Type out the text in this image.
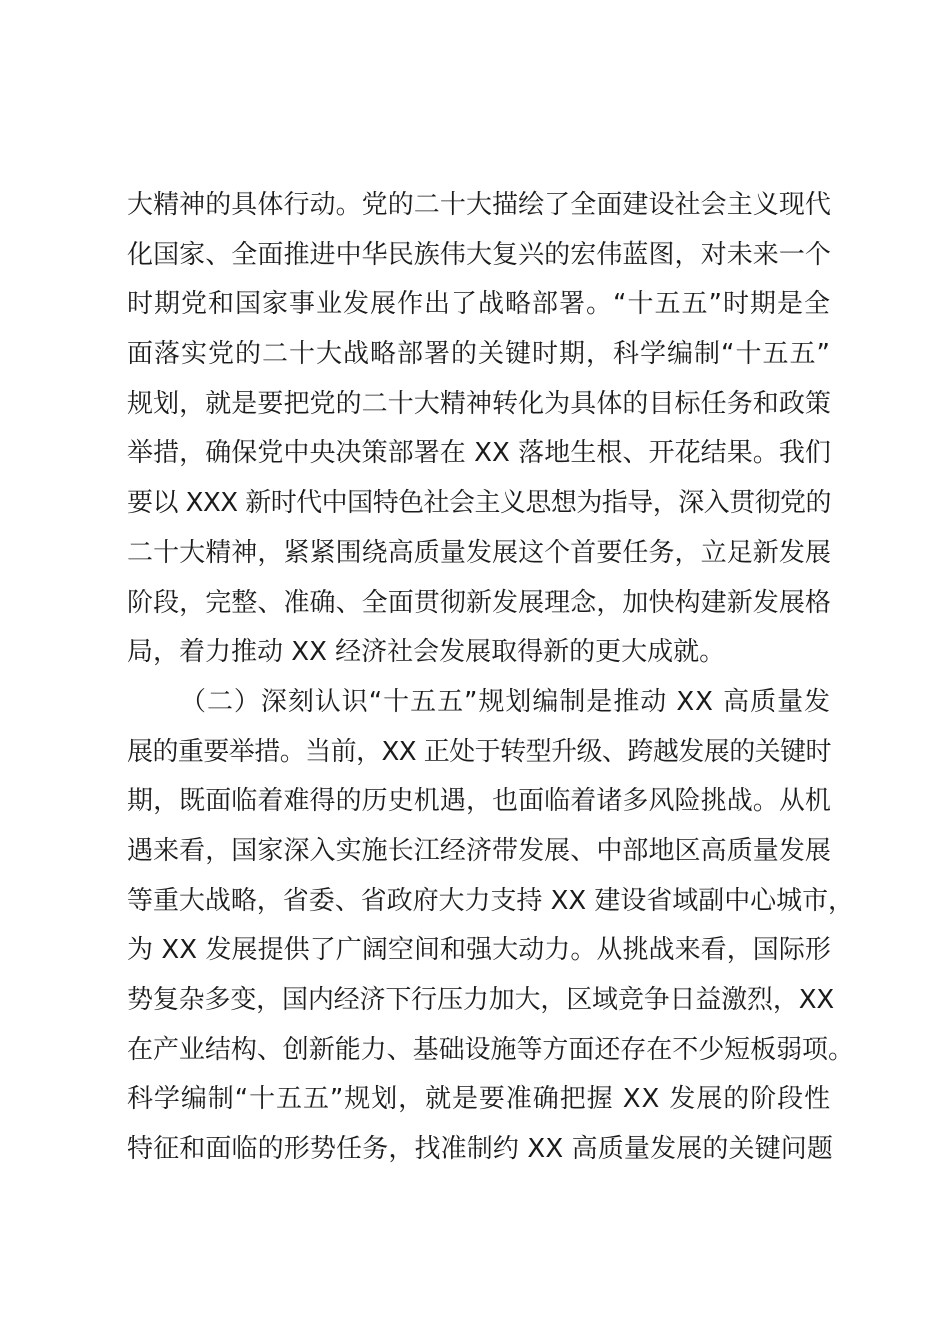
大精神的具体行动。党的二十大描绘了全面建设社会主义现代
化国家、全面推进中华民族伟大复兴的宏伟蓝图，对未来一个
时期党和国家事业发展作出了战略部署。“十五五”时期是全
面落实党的二十大战略部署的关键时期，科学编制“十五五”
规划，就是要把党的二十大精神转化为具体的目标任务和政策
举措，确保党中央决策部署在 XX 落地生根、开花结果。我们
要以 XXX 新时代中国特色社会主义思想为指导，深入贯彻党的
二十大精神，紧紧围绕高质量发展这个首要任务，立足新发展
阶段，完整、准确、全面贯彻新发展理念，加快构建新发展格
局，着力推动 XX 经济社会发展取得新的更大成就。
（二）深刻认识“十五五”规划编制是推动 XX 高质量发
展的重要举措。当前，XX 正处于转型升级、跨越发展的关键时
期，既面临着难得的历史机遇，也面临着诸多风险挑战。从机
遇来看，国家深入实施长江经济带发展、中部地区高质量发展
等重大战略，省委、省政府大力支持 XX 建设省域副中心城市，
为 XX 发展提供了广阔空间和强大动力。从挑战来看，国际形
势复杂多变，国内经济下行压力加大，区域竞争日益激烈，XX
在产业结构、创新能力、基础设施等方面还存在不少短板弱项。
科学编制“十五五”规划，就是要准确把握 XX 发展的阶段性
特征和面临的形势任务，找准制约 XX 高质量发展的关键问题
